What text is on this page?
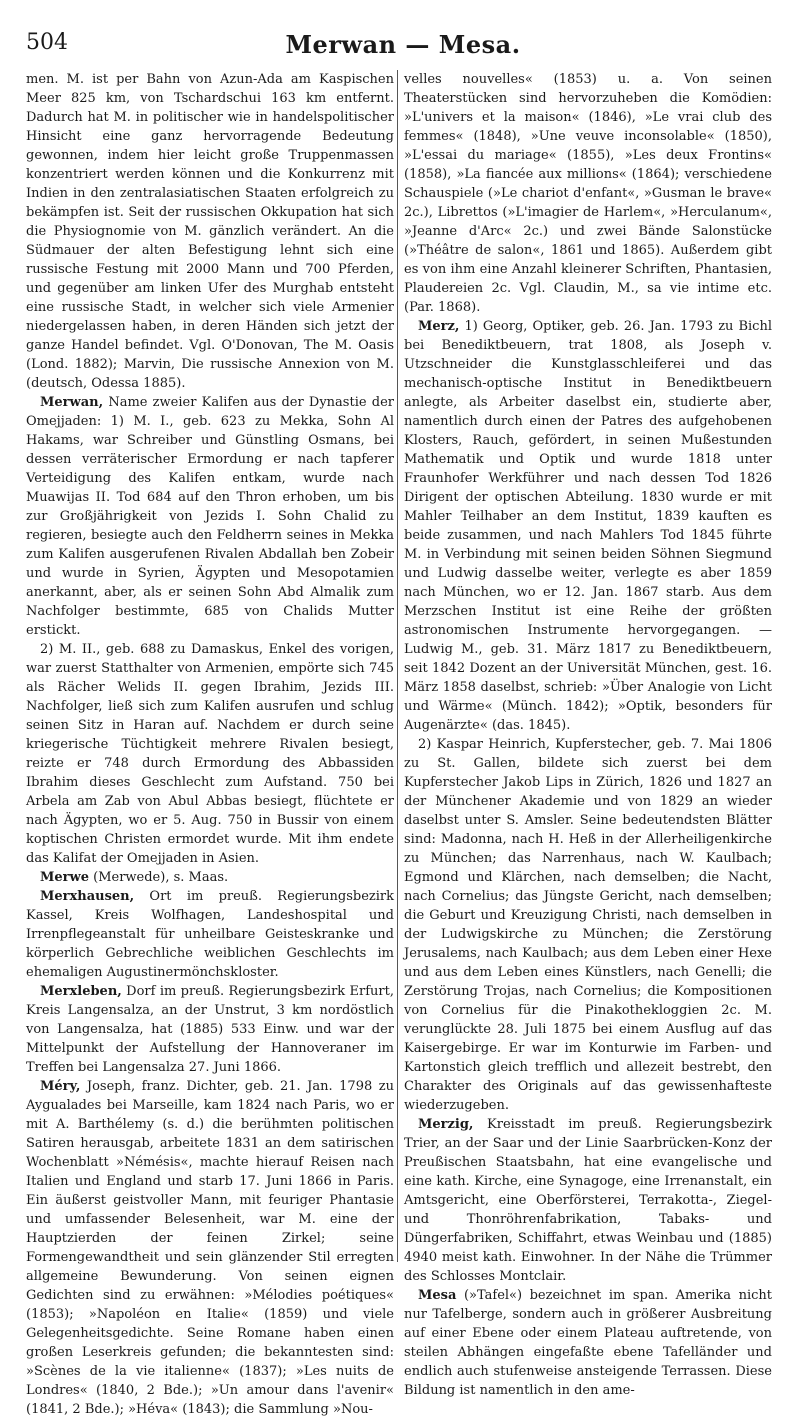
504	Merwan — Mesa.

men. M. ist per Bahn von Azun-Ada am Kaspischen Meer 825 km, von Tschardschui 163 km entfernt. Dadurch hat M. in politischer wie in handelspolitischer Hinsicht eine ganz hervorragende Bedeutung gewonnen, indem hier leicht große Truppenmassen konzentriert werden können und die Konkurrenz mit Indien in den zentralasiatischen Staaten erfolgreich zu bekämpfen ist. Seit der russischen Okkupation hat sich die Physiognomie von M. gänzlich verändert. An die Südmauer der alten Befestigung lehnt sich eine russische Festung mit 2000 Mann und 700 Pferden, und gegenüber am linken Ufer des Murghab entsteht eine russische Stadt, in welcher sich viele Armenier niedergelassen haben, in deren Händen sich jetzt der ganze Handel befindet. Vgl. O'Donovan, The M. Oasis (Lond. 1882); Marvin, Die russische Annexion von M. (deutsch, Odessa 1885).

Merwan, Name zweier Kalifen aus der Dynastie der Omejjaden: 1) M. I., geb. 623 zu Mekka, Sohn Al Hakams, war Schreiber und Günstling Osmans, bei dessen verräterischer Ermordung er nach tapferer Verteidigung des Kalifen entkam, wurde nach Muawijas II. Tod 684 auf den Thron erhoben, um bis zur Großjährigkeit von Jezids I. Sohn Chalid zu regieren, besiegte auch den Feldherrn seines in Mekka zum Kalifen ausgerufenen Rivalen Abdallah ben Zobeir und wurde in Syrien, Ägypten und Mesopotamien anerkannt, aber, als er seinen Sohn Abd Almalik zum Nachfolger bestimmte, 685 von Chalids Mutter erstickt.

2) M. II., geb. 688 zu Damaskus, Enkel des vorigen, war zuerst Statthalter von Armenien, empörte sich 745 als Rächer Welids II. gegen Ibrahim, Jezids III. Nachfolger, ließ sich zum Kalifen ausrufen und schlug seinen Sitz in Haran auf. Nachdem er durch seine kriegerische Tüchtigkeit mehrere Rivalen besiegt, reizte er 748 durch Ermordung des Abbassiden Ibrahim dieses Geschlecht zum Aufstand. 750 bei Arbela am Zab von Abul Abbas besiegt, flüchtete er nach Ägypten, wo er 5. Aug. 750 in Bussir von einem koptischen Christen ermordet wurde. Mit ihm endete das Kalifat der Omejjaden in Asien.

Merwe (Merwede), s. Maas.

Merxhausen, Ort im preuß. Regierungsbezirk Kassel, Kreis Wolfhagen, Landeshospital und Irrenpflegeanstalt für unheilbare Geisteskranke und körperlich Gebrechliche weiblichen Geschlechts im ehemaligen Augustinermönchskloster.

Merxleben, Dorf im preuß. Regierungsbezirk Erfurt, Kreis Langensalza, an der Unstrut, 3 km nordöstlich von Langensalza, hat (1885) 533 Einw. und war der Mittelpunkt der Aufstellung der Hannoveraner im Treffen bei Langensalza 27. Juni 1866.

Méry, Joseph, franz. Dichter, geb. 21. Jan. 1798 zu Aygualades bei Marseille, kam 1824 nach Paris, wo er mit A. Barthélemy (s. d.) die berühmten politischen Satiren herausgab, arbeitete 1831 an dem satirischen Wochenblatt »Némésis«, machte hierauf Reisen nach Italien und England und starb 17. Juni 1866 in Paris. Ein äußerst geistvoller Mann, mit feuriger Phantasie und umfassender Belesenheit, war M. eine der Hauptzierden der feinen Zirkel; seine Formengewandtheit und sein glänzender Stil erregten allgemeine Bewunderung. Von seinen eignen Gedichten sind zu erwähnen: »Mélodies poétiques« (1853); »Napoléon en Italie« (1859) und viele Gelegenheitsgedichte. Seine Romane haben einen großen Leserkreis gefunden; die bekanntesten sind: »Scènes de la vie italienne« (1837); »Les nuits de Londres« (1840, 2 Bde.); »Un amour dans l'avenir« (1841, 2 Bde.); »Héva« (1843); die Sammlung »Nou-

velles nouvelles« (1853) u. a. Von seinen Theaterstücken sind hervorzuheben die Komödien: »L'univers et la maison« (1846), »Le vrai club des femmes« (1848), »Une veuve inconsolable« (1850), »L'essai du mariage« (1855), »Les deux Frontins« (1858), »La fiancée aux millions« (1864); verschiedene Schauspiele (»Le chariot d'enfant«, »Gusman le brave« 2c.), Librettos (»L'imagier de Harlem«, »Herculanum«, »Jeanne d'Arc« 2c.) und zwei Bände Salonstücke (»Théâtre de salon«, 1861 und 1865). Außerdem gibt es von ihm eine Anzahl kleinerer Schriften, Phantasien, Plaudereien 2c. Vgl. Claudin, M., sa vie intime etc. (Par. 1868).

Merz, 1) Georg, Optiker, geb. 26. Jan. 1793 zu Bichl bei Benediktbeuern, trat 1808, als Joseph v. Utzschneider die Kunstglasschleiferei und das mechanisch-optische Institut in Benediktbeuern anlegte, als Arbeiter daselbst ein, studierte aber, namentlich durch einen der Patres des aufgehobenen Klosters, Rauch, gefördert, in seinen Mußestunden Mathematik und Optik und wurde 1818 unter Fraunhofer Werkführer und nach dessen Tod 1826 Dirigent der optischen Abteilung. 1830 wurde er mit Mahler Teilhaber an dem Institut, 1839 kauften es beide zusammen, und nach Mahlers Tod 1845 führte M. in Verbindung mit seinen beiden Söhnen Siegmund und Ludwig dasselbe weiter, verlegte es aber 1859 nach München, wo er 12. Jan. 1867 starb. Aus dem Merzschen Institut ist eine Reihe der größten astronomischen Instrumente hervorgegangen. — Ludwig M., geb. 31. März 1817 zu Benediktbeuern, seit 1842 Dozent an der Universität München, gest. 16. März 1858 daselbst, schrieb: »Über Analogie von Licht und Wärme« (Münch. 1842); »Optik, besonders für Augenärzte« (das. 1845).

2) Kaspar Heinrich, Kupferstecher, geb. 7. Mai 1806 zu St. Gallen, bildete sich zuerst bei dem Kupferstecher Jakob Lips in Zürich, 1826 und 1827 an der Münchener Akademie und von 1829 an wieder daselbst unter S. Amsler. Seine bedeutendsten Blätter sind: Madonna, nach H. Heß in der Allerheiligenkirche zu München; das Narrenhaus, nach W. Kaulbach; Egmond und Klärchen, nach demselben; die Nacht, nach Cornelius; das Jüngste Gericht, nach demselben; die Geburt und Kreuzigung Christi, nach demselben in der Ludwigskirche zu München; die Zerstörung Jerusalems, nach Kaulbach; aus dem Leben einer Hexe und aus dem Leben eines Künstlers, nach Genelli; die Zerstörung Trojas, nach Cornelius; die Kompositionen von Cornelius für die Pinakothekloggien 2c. M. verunglückte 28. Juli 1875 bei einem Ausflug auf das Kaisergebirge. Er war im Konturwie im Farben- und Kartonstich gleich trefflich und allezeit bestrebt, den Charakter des Originals auf das gewissenhafteste wiederzugeben.

Merzig, Kreisstadt im preuß. Regierungsbezirk Trier, an der Saar und der Linie Saarbrücken-Konz der Preußischen Staatsbahn, hat eine evangelische und eine kath. Kirche, eine Synagoge, eine Irrenanstalt, ein Amtsgericht, eine Oberförsterei, Terrakotta-, Ziegel- und Thonröhrenfabrikation, Tabaks- und Düngerfabriken, Schiffahrt, etwas Weinbau und (1885) 4940 meist kath. Einwohner. In der Nähe die Trümmer des Schlosses Montclair.

Mesa (»Tafel«) bezeichnet im span. Amerika nicht nur Tafelberge, sondern auch in größerer Ausbreitung auf einer Ebene oder einem Plateau auftretende, von steilen Abhängen eingefaßte ebene Tafelländer und endlich auch stufenweise ansteigende Terrassen. Diese Bildung ist namentlich in den ame-
